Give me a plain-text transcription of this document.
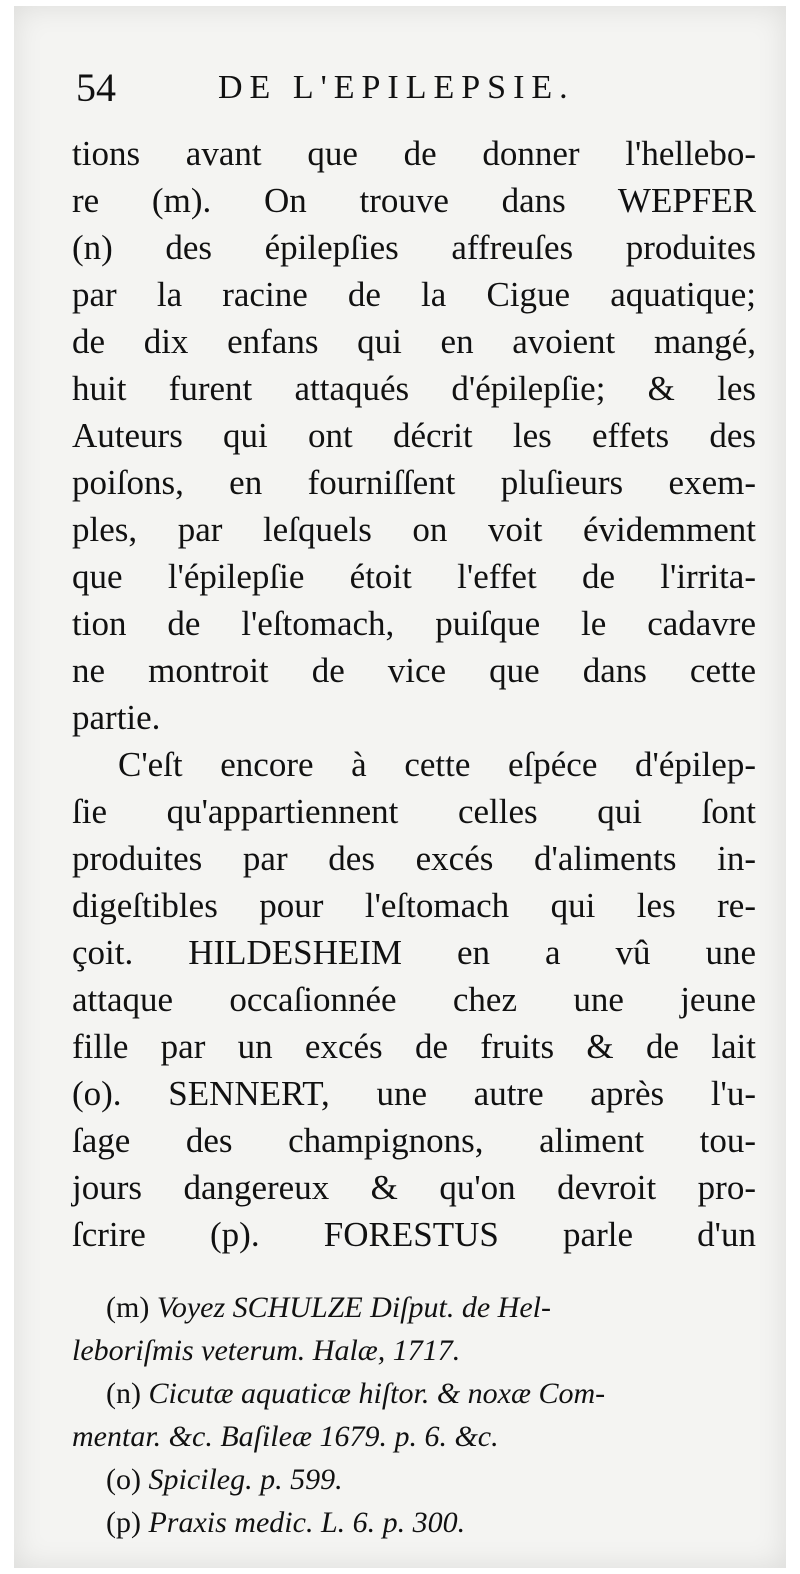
54	DE L'EPILEPSIE.
tions avant que de donner l'hellebo-
re (m). On trouve dans WEPFER
(n) des épilepſies affreuſes produites
par la racine de la Cigue aquatique;
de dix enfans qui en avoient mangé,
huit furent attaqués d'épilepſie; & les
Auteurs qui ont décrit les effets des
poiſons, en fourniſſent pluſieurs exem-
ples, par leſquels on voit évidemment
que l'épilepſie étoit l'effet de l'irrita-
tion de l'eſtomach, puiſque le cadavre
ne montroit de vice que dans cette
partie.
C'eſt encore à cette eſpéce d'épilep-
ſie qu'appartiennent celles qui ſont
produites par des excés d'aliments in-
digeſtibles pour l'eſtomach qui les re-
çoit. HILDESHEIM en a vû une
attaque occaſionnée chez une jeune
fille par un excés de fruits & de lait
(o). SENNERT, une autre après l'u-
ſage des champignons, aliment tou-
jours dangereux & qu'on devroit pro-
ſcrire (p). FORESTUS parle d'un
(m) Voyez SCHULZE Diſput. de Hel-
leboriſmis veterum. Halæ, 1717.
(n) Cicutæ aquaticæ hiſtor. & noxæ Com-
mentar. &c. Baſileæ 1679. p. 6. &c.
(o) Spicileg. p. 599.
(p) Praxis medic. L. 6. p. 300.
